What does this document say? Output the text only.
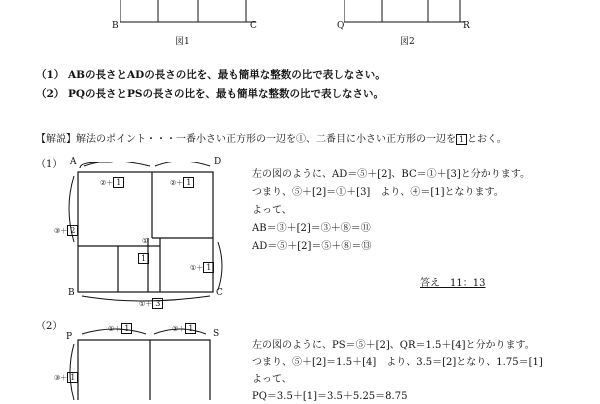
B	C
図1
Q	R
図2
（1） ABの長さとADの長さの比を、最も簡単な整数の比で表しなさい。
（2） PQの長さとPSの長さの比を、最も簡単な整数の比で表しなさい。
【解説】解法のポイント・・・一番小さい正方形の一辺を①、二番目に小さい正方形の一辺を 1 とおく。
（1） A	D
B	C
②＋ 1	②＋ 1
③＋ 2
①＋ 1
①＋ 3
①
1
左の図のように、AD＝⑤＋[2]、BC＝①＋[3]と分かります。
つまり、⑤＋[2]＝①＋[3]　より、④＝[1]となります。
よって、
AB＝③＋[2]＝③＋⑧＝⑪
AD＝⑤＋[2]＝⑤＋⑧＝⑬
答え　11：13
（2）
P	S
①＋ 1	②＋ 1
③＋ 1
左の図のように、PS＝⑤＋[2]、QR＝1.5＋[4]と分かります。
つまり、⑤＋[2]＝1.5＋[4]　より、3.5＝[2]となり、1.75＝[1]
よって、
PQ＝3.5＋[1]＝3.5＋5.25＝8.75
